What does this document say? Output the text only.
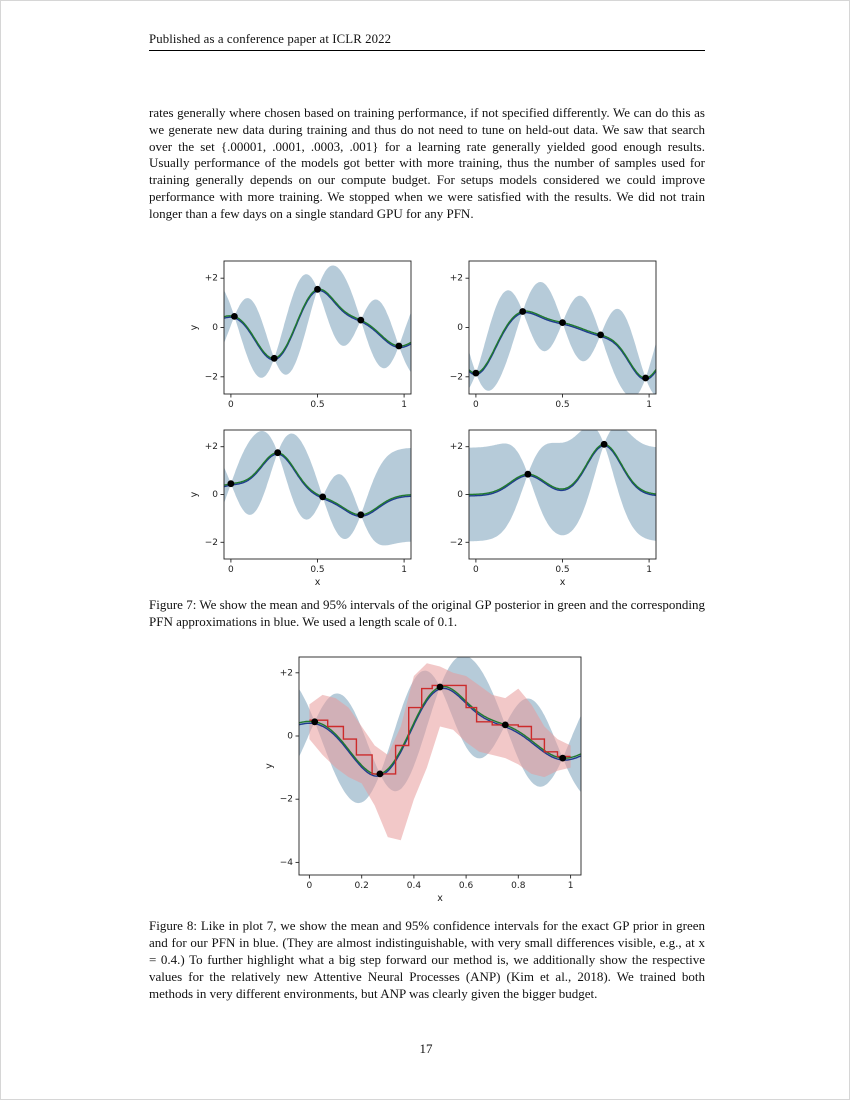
Published as a conference paper at ICLR 2022

rates generally where chosen based on training performance, if not specified differently. We can do this as we generate new data during training and thus do not need to tune on held-out data. We saw that search over the set {.00001, .0001, .0003, .001} for a learning rate generally yielded good enough results. Usually performance of the models got better with more training, thus the number of samples used for training generally depends on our compute budget. For setups models considered we could improve performance with more training. We stopped when we were satisfied with the results. We did not train longer than a few days on a single standard GPU for any PFN.

0	0.5	1
+2
0
−2
y
0	0.5	1
+2
0
−2
0	0.5	1
+2
0
−2
y
x
0	0.5	1
+2
0
−2
x

Figure 7: We show the mean and 95% intervals of the original GP posterior in green and the corresponding PFN approximations in blue. We used a length scale of 0.1.

0	0.2	0.4	0.6	0.8	1
+2
0
−2
−4
y
x

Figure 8: Like in plot 7, we show the mean and 95% confidence intervals for the exact GP prior in green and for our PFN in blue. (They are almost indistinguishable, with very small differences visible, e.g., at x = 0.4.) To further highlight what a big step forward our method is, we additionally show the respective values for the relatively new Attentive Neural Processes (ANP) (Kim et al., 2018). We trained both methods in very different environments, but ANP was clearly given the bigger budget.

17
